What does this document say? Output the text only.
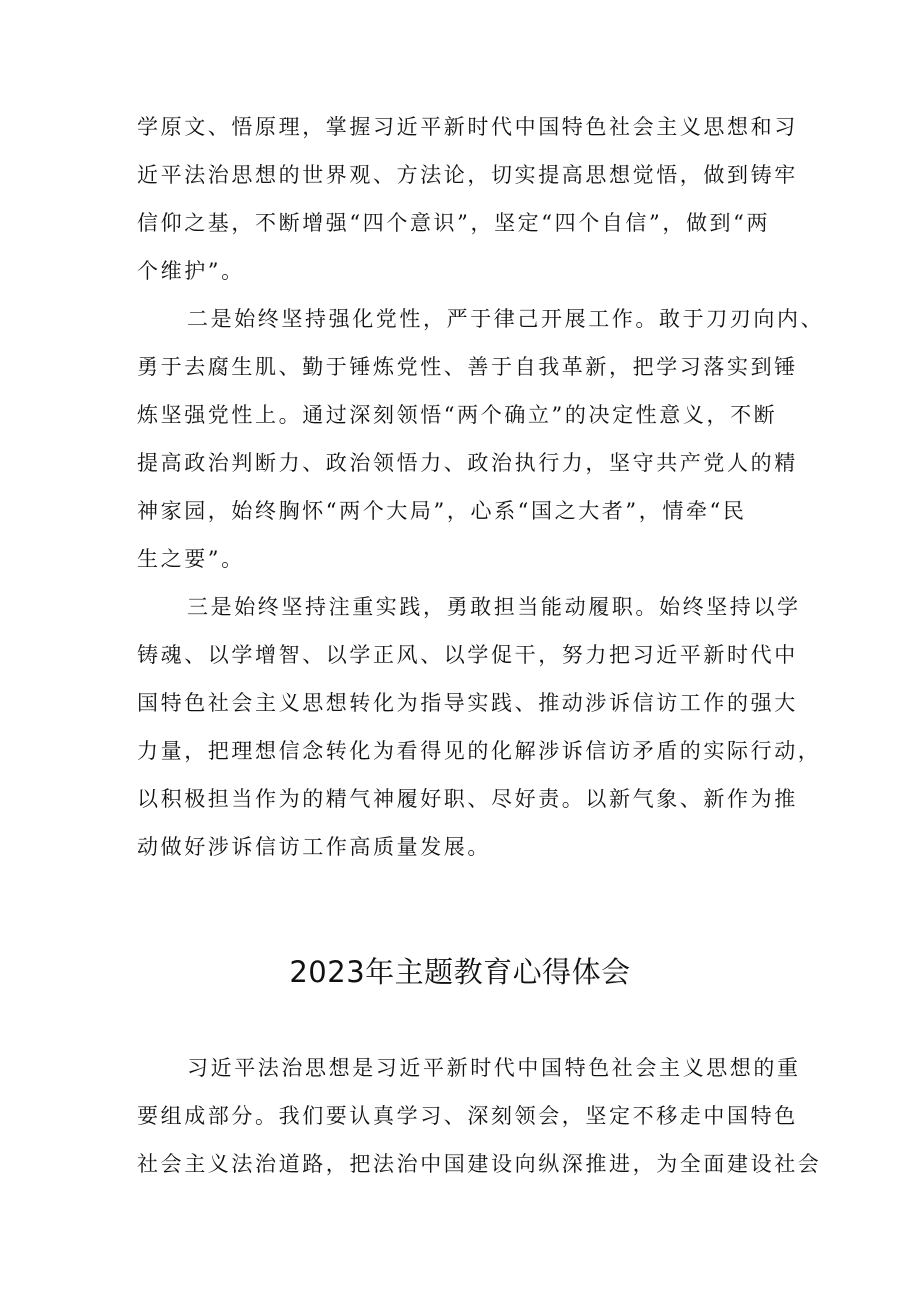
学原文、悟原理，掌握习近平新时代中国特色社会主义思想和习
近平法治思想的世界观、方法论，切实提高思想觉悟，做到铸牢
信仰之基，不断增强“四个意识”，坚定“四个自信”，做到“两
个维护”。
二是始终坚持强化党性，严于律己开展工作。敢于刀刃向内、
勇于去腐生肌、勤于锤炼党性、善于自我革新，把学习落实到锤
炼坚强党性上。通过深刻领悟“两个确立”的决定性意义，不断
提高政治判断力、政治领悟力、政治执行力，坚守共产党人的精
神家园，始终胸怀“两个大局”，心系“国之大者”，情牵“民
生之要”。
三是始终坚持注重实践，勇敢担当能动履职。始终坚持以学
铸魂、以学增智、以学正风、以学促干，努力把习近平新时代中
国特色社会主义思想转化为指导实践、推动涉诉信访工作的强大
力量，把理想信念转化为看得见的化解涉诉信访矛盾的实际行动，
以积极担当作为的精气神履好职、尽好责。以新气象、新作为推
动做好涉诉信访工作高质量发展。
2023年主题教育心得体会
习近平法治思想是习近平新时代中国特色社会主义思想的重
要组成部分。我们要认真学习、深刻领会，坚定不移走中国特色
社会主义法治道路，把法治中国建设向纵深推进，为全面建设社会
